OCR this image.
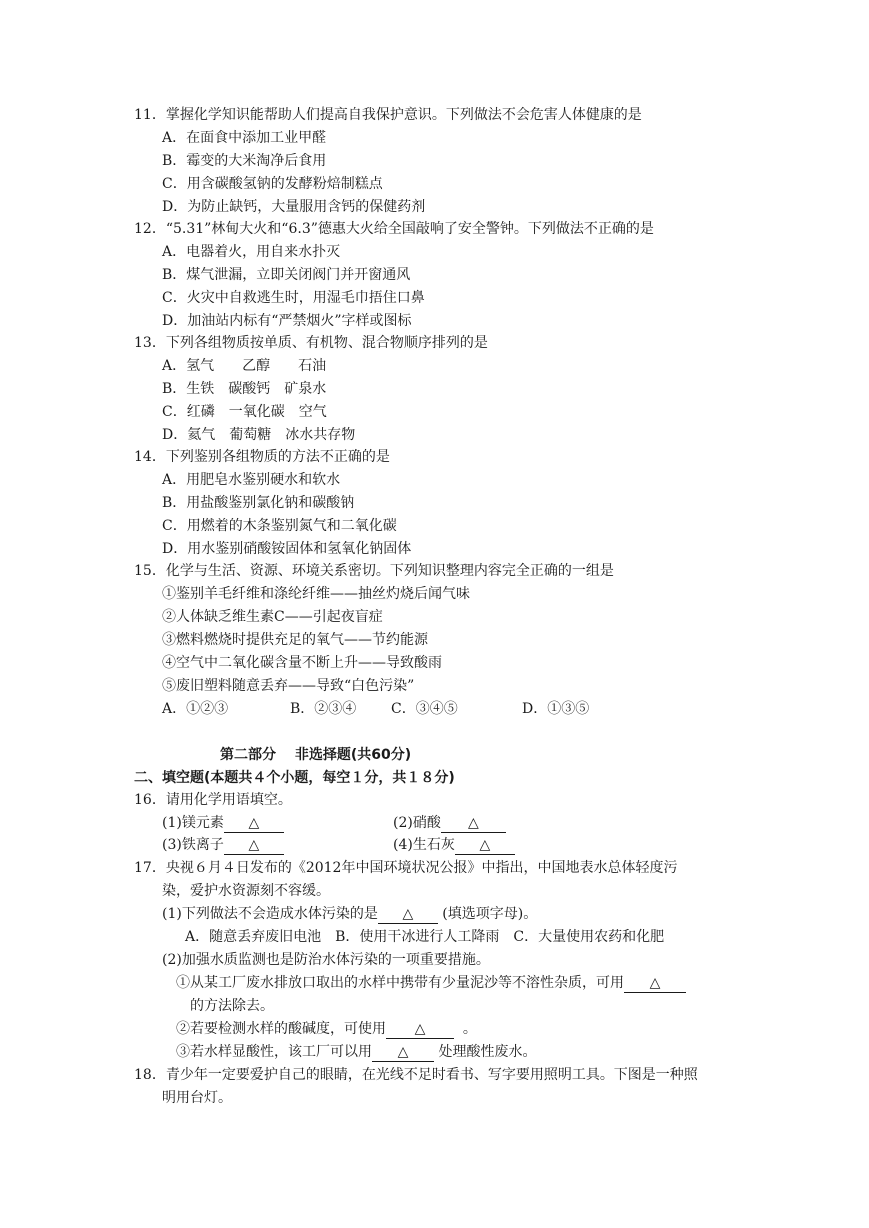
11．掌握化学知识能帮助人们提高自我保护意识。下列做法不会危害人体健康的是
A．在面食中添加工业甲醛
B．霉变的大米淘净后食用
C．用含碳酸氢钠的发酵粉焙制糕点
D．为防止缺钙，大量服用含钙的保健药剂
12．“5.31”林甸大火和“6.3”德惠大火给全国敲响了安全警钟。下列做法不正确的是
A．电器着火，用自来水扑灭
B．煤气泄漏，立即关闭阀门并开窗通风
C．火灾中自救逃生时，用湿毛巾捂住口鼻
D．加油站内标有“严禁烟火”字样或图标
13．下列各组物质按单质、有机物、混合物顺序排列的是
A．氢气　　乙醇　　石油
B．生铁　碳酸钙　矿泉水
C．红磷　一氧化碳　空气
D．氦气　葡萄糖　冰水共存物
14．下列鉴别各组物质的方法不正确的是
A．用肥皂水鉴别硬水和软水
B．用盐酸鉴别氯化钠和碳酸钠
C．用燃着的木条鉴别氮气和二氧化碳
D．用水鉴别硝酸铵固体和氢氧化钠固体
15．化学与生活、资源、环境关系密切。下列知识整理内容完全正确的一组是
①鉴别羊毛纤维和涤纶纤维——抽丝灼烧后闻气味
②人体缺乏维生素C——引起夜盲症
③燃料燃烧时提供充足的氧气——节约能源
④空气中二氧化碳含量不断上升——导致酸雨
⑤废旧塑料随意丢弃——导致“白色污染”
A．①②③	B．②③④ C．③④⑤	D．①③⑤
第二部分　 非选择题(共60分)
二、填空题(本题共４个小题，每空１分，共１８分)
16．请用化学用语填空。
(1)镁元素 △	(2)硝酸 △
(3)铁离子 △	(4)生石灰 △
17．央视６月４日发布的《2012年中国环境状况公报》中指出，中国地表水总体轻度污
染，爱护水资源刻不容缓。
(1)下列做法不会造成水体污染的是 △ (填选项字母)。
A．随意丢弃废旧电池　B．使用干冰进行人工降雨　C．大量使用农药和化肥
(2)加强水质监测也是防治水体污染的一项重要措施。
①从某工厂废水排放口取出的水样中携带有少量泥沙等不溶性杂质，可用 △
的方法除去。
②若要检测水样的酸碱度，可使用 △	。
③若水样显酸性，该工厂可以用 △ 处理酸性废水。
18．青少年一定要爱护自己的眼睛，在光线不足时看书、写字要用照明工具。下图是一种照
明用台灯。
